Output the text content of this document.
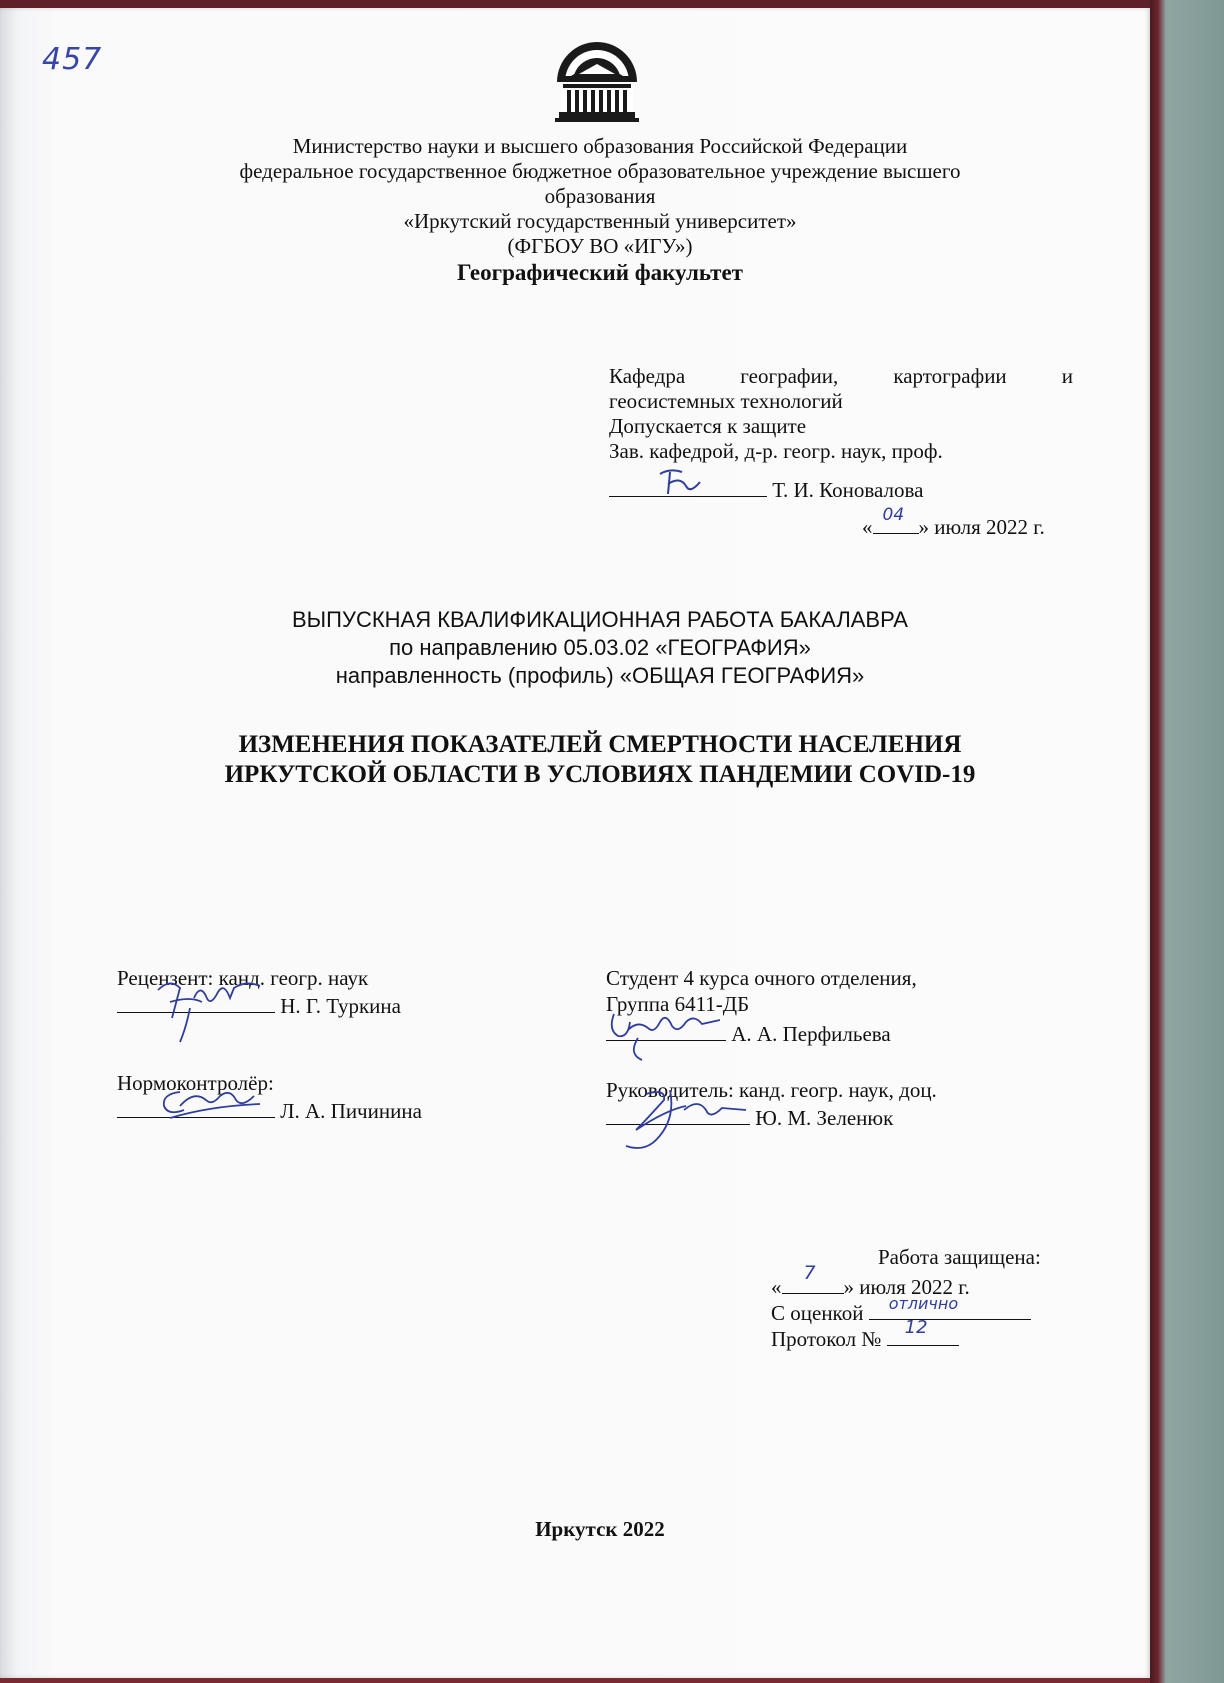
457
Министерство науки и высшего образования Российской Федерации
федеральное государственное бюджетное образовательное учреждение высшего
образования
«Иркутский государственный университет»
(ФГБОУ ВО «ИГУ»)
Географический факультет
Кафедра географии, картографии и
геосистемных технологий
Допускается к защите
Зав. кафедрой, д-р. геогр. наук, проф.
Т. И. Коновалова
« 04 » июля 2022 г.
ВЫПУСКНАЯ КВАЛИФИКАЦИОННАЯ РАБОТА БАКАЛАВРА
по направлению 05.03.02 «ГЕОГРАФИЯ»
направленность (профиль) «ОБЩАЯ ГЕОГРАФИЯ»
ИЗМЕНЕНИЯ ПОКАЗАТЕЛЕЙ СМЕРТНОСТИ НАСЕЛЕНИЯ
ИРКУТСКОЙ ОБЛАСТИ В УСЛОВИЯХ ПАНДЕМИИ COVID-19
Рецензент: канд. геогр. наук
Н. Г. Туркина
Нормоконтролёр:
Л. А. Пичинина
Студент 4 курса очного отделения,
Группа 6411-ДБ
А. А. Перфильева
Руководитель: канд. геогр. наук, доц.
Ю. М. Зеленюк
Работа защищена:
«
7
» июля 2022 г.
С оценкой отлично
Протокол № 12
Иркутск 2022
